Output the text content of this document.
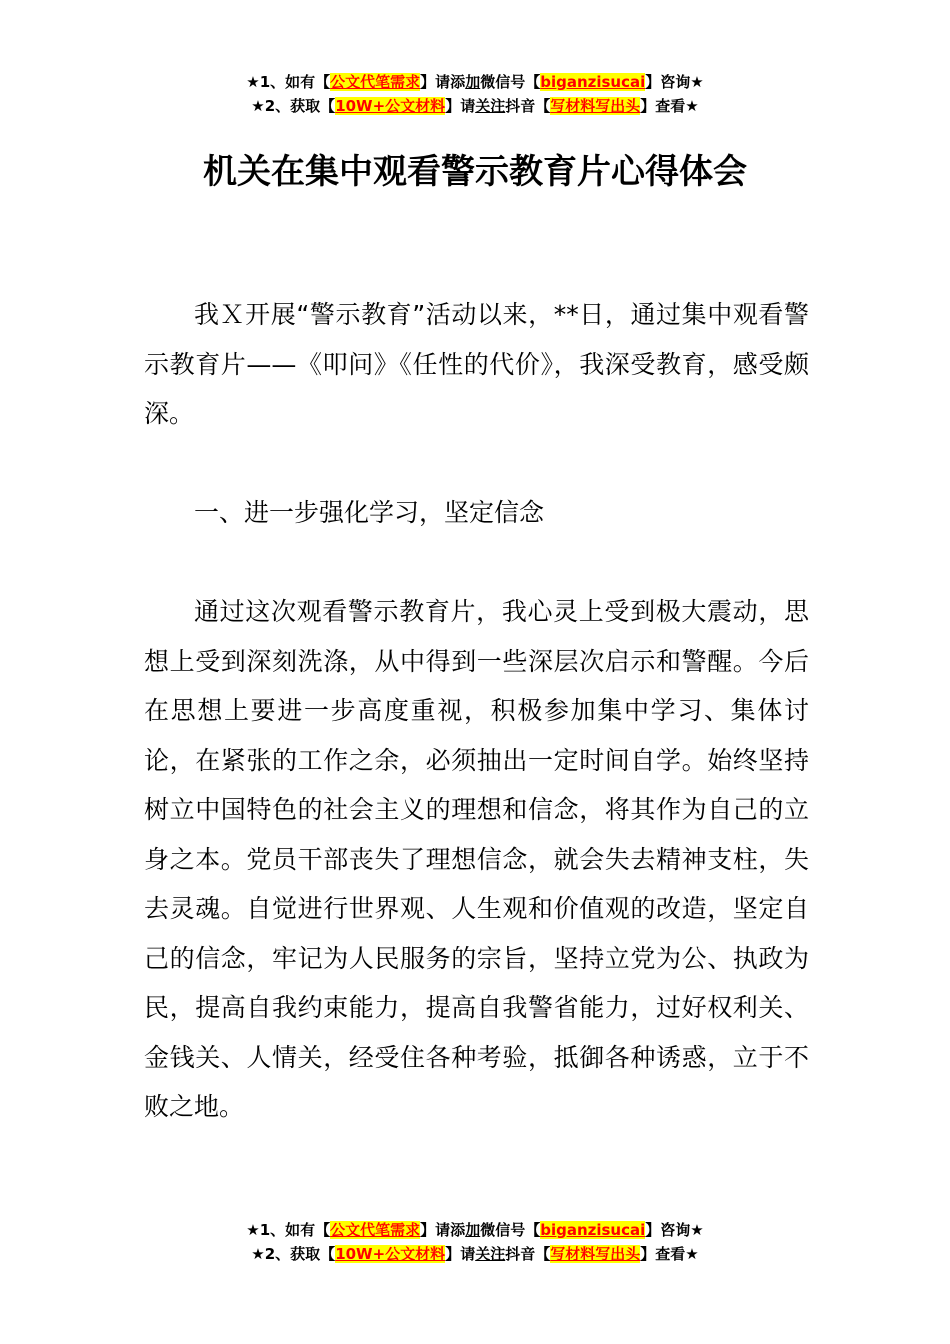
★1、如有【公文代笔需求】请添加微信号【biganzisucai】咨询★
★2、获取【10W+公文材料】请关注抖音【写材料写出头】查看★
机关在集中观看警示教育片心得体会

我Ｘ开展“警示教育”活动以来，**日，通过集中观看警示教育片——《叩问》《任性的代价》，我深受教育，感受颇深。

一、进一步强化学习，坚定信念

通过这次观看警示教育片，我心灵上受到极大震动，思想上受到深刻洗涤，从中得到一些深层次启示和警醒。今后在思想上要进一步高度重视，积极参加集中学习、集体讨论，在紧张的工作之余，必须抽出一定时间自学。始终坚持树立中国特色的社会主义的理想和信念，将其作为自己的立身之本。党员干部丧失了理想信念，就会失去精神支柱，失去灵魂。自觉进行世界观、人生观和价值观的改造，坚定自己的信念，牢记为人民服务的宗旨，坚持立党为公、执政为民，提高自我约束能力，提高自我警省能力，过好权利关、金钱关、人情关，经受住各种考验，抵御各种诱惑，立于不败之地。

★1、如有【公文代笔需求】请添加微信号【biganzisucai】咨询★
★2、获取【10W+公文材料】请关注抖音【写材料写出头】查看★
